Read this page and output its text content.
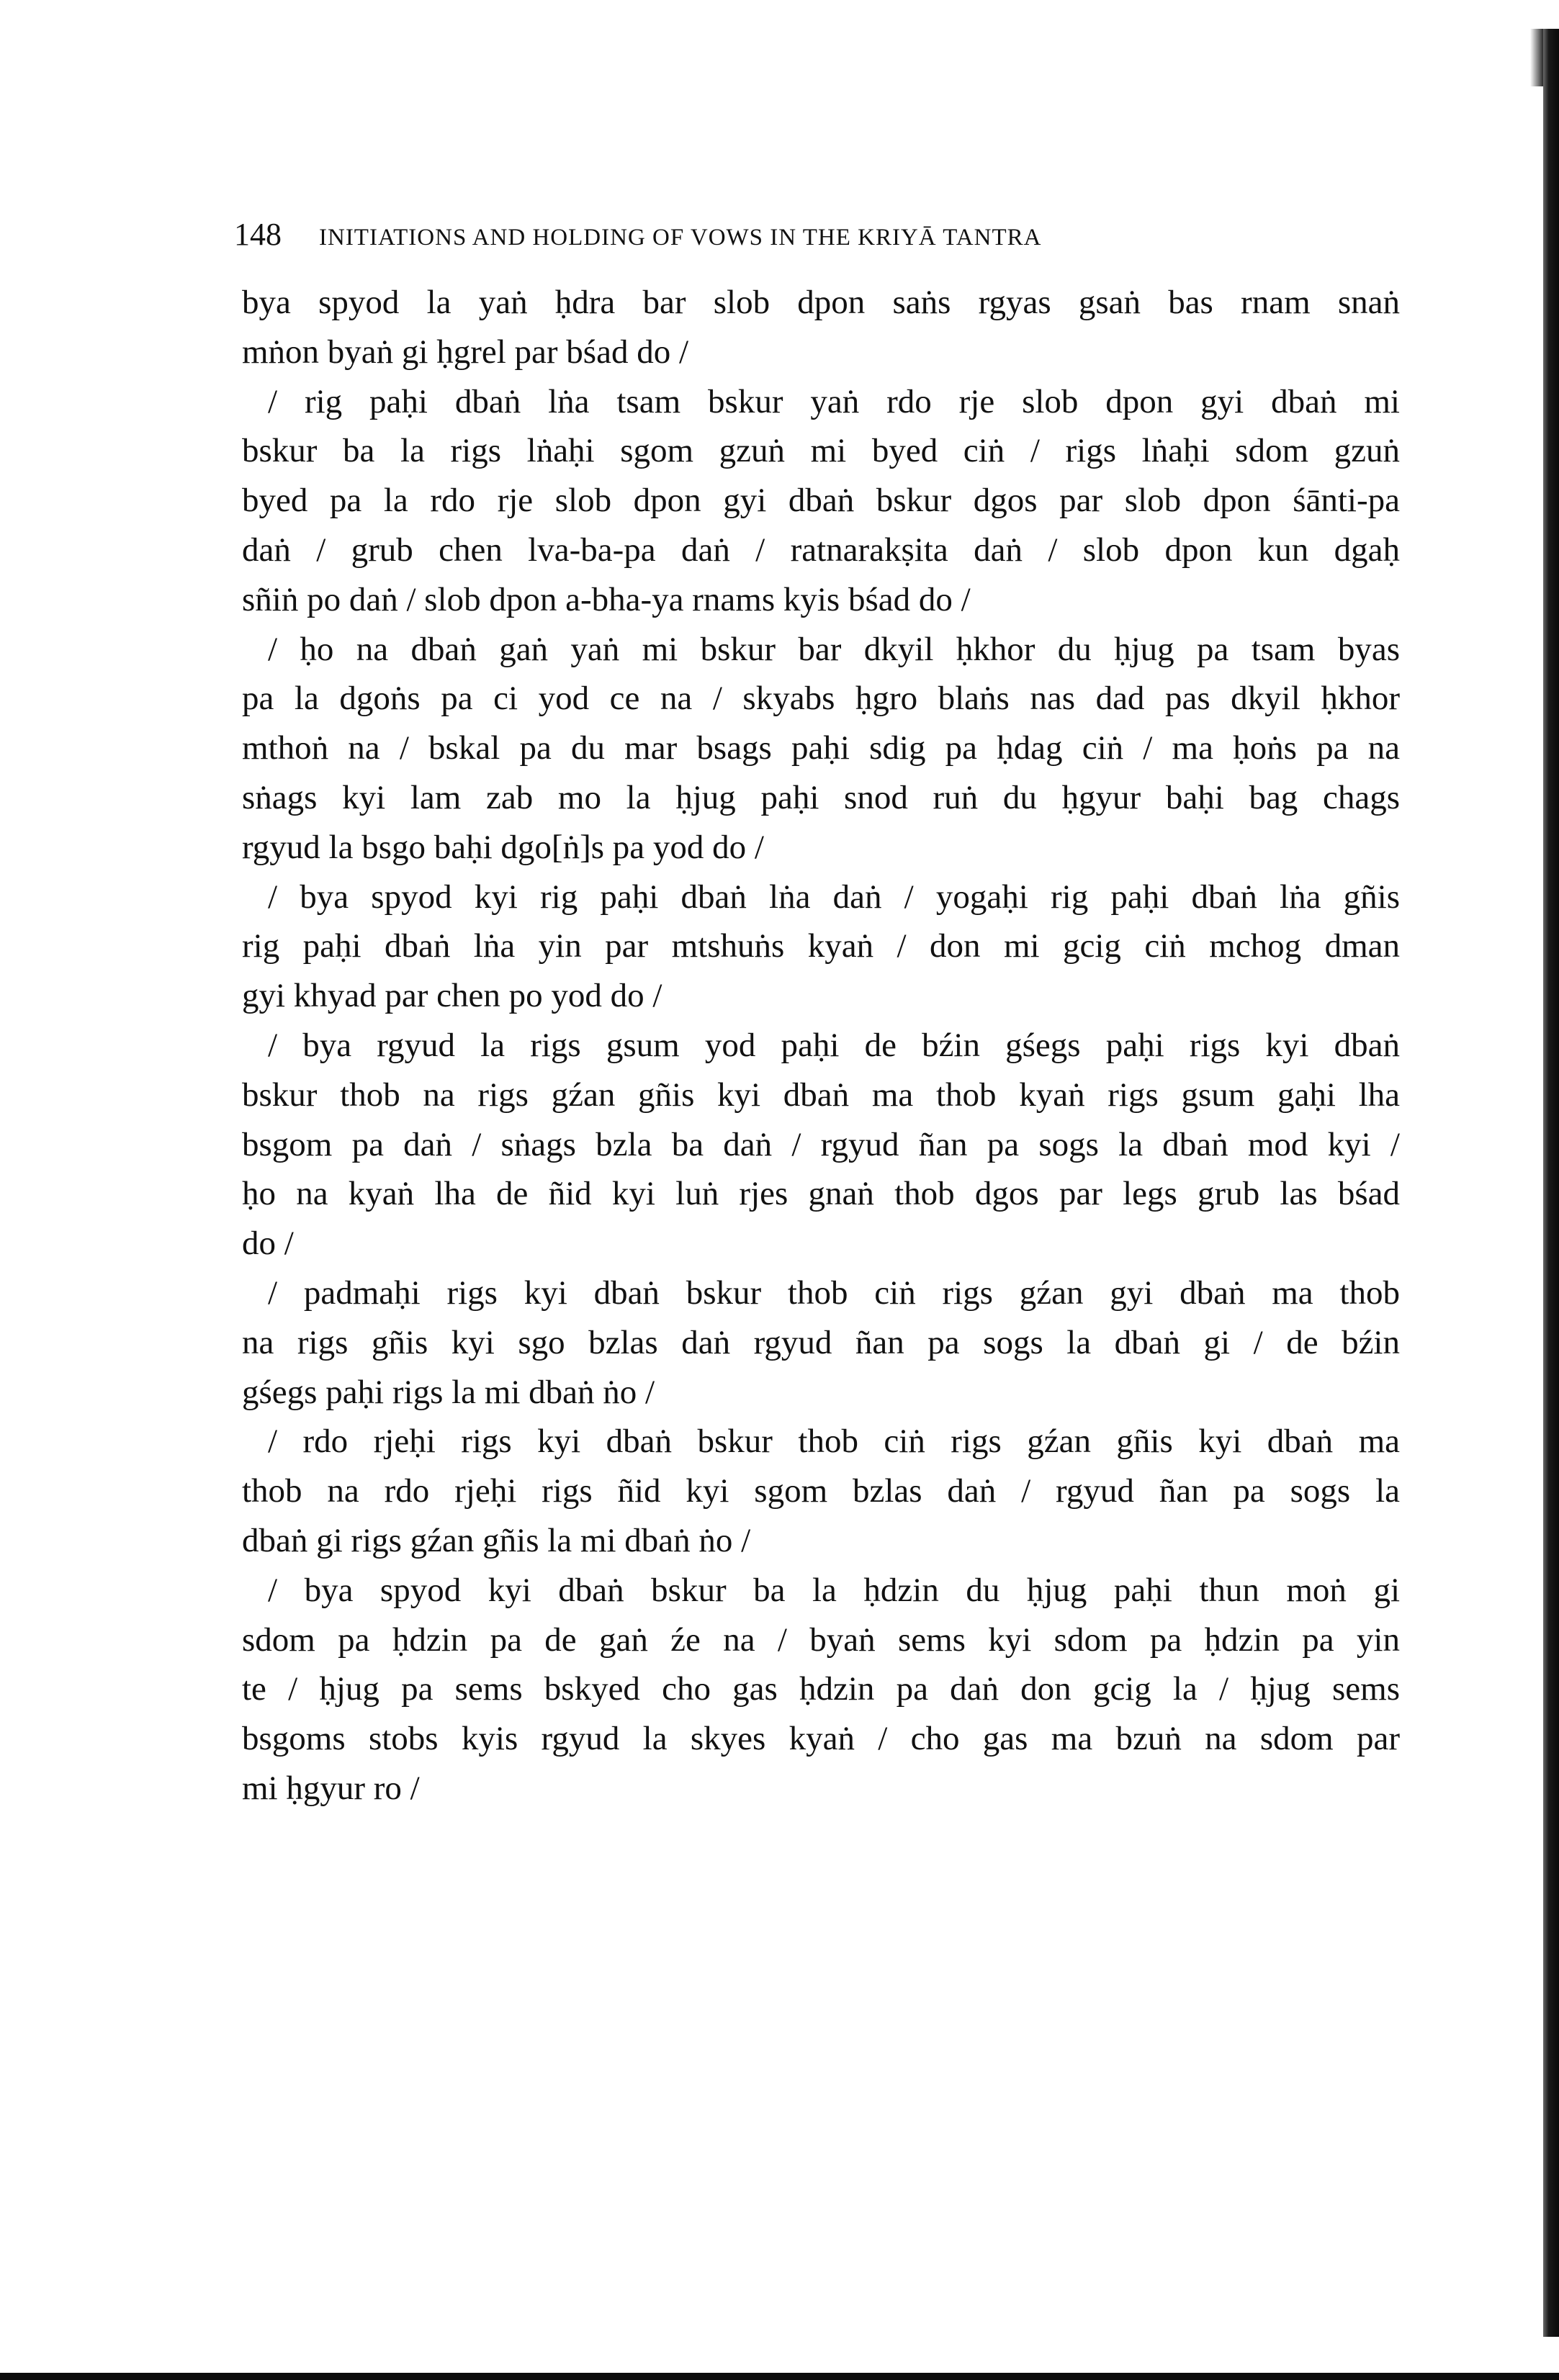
148 INITIATIONS AND HOLDING OF VOWS IN THE KRIYĀ TANTRA
bya spyod la yaṅ ḥdra bar slob dpon saṅs rgyas gsaṅ bas rnam snaṅ
mṅon byaṅ gi ḥgrel par bśad do /
/ rig paḥi dbaṅ lṅa tsam bskur yaṅ rdo rje slob dpon gyi dbaṅ mi
bskur ba la rigs lṅaḥi sgom gzuṅ mi byed ciṅ / rigs lṅaḥi sdom gzuṅ
byed pa la rdo rje slob dpon gyi dbaṅ bskur dgos par slob dpon śānti-pa
daṅ / grub chen lva-ba-pa daṅ / ratnarakṣita daṅ / slob dpon kun dgaḥ
sñiṅ po daṅ / slob dpon a-bha-ya rnams kyis bśad do /
/ ḥo na dbaṅ gaṅ yaṅ mi bskur bar dkyil ḥkhor du ḥjug pa tsam byas
pa la dgoṅs pa ci yod ce na / skyabs ḥgro blaṅs nas dad pas dkyil ḥkhor
mthoṅ na / bskal pa du mar bsags paḥi sdig pa ḥdag ciṅ / ma ḥoṅs pa na
sṅags kyi lam zab mo la ḥjug paḥi snod ruṅ du ḥgyur baḥi bag chags
rgyud la bsgo baḥi dgo[ṅ]s pa yod do /
/ bya spyod kyi rig paḥi dbaṅ lṅa daṅ / yogaḥi rig paḥi dbaṅ lṅa gñis
rig paḥi dbaṅ lṅa yin par mtshuṅs kyaṅ / don mi gcig ciṅ mchog dman
gyi khyad par chen po yod do /
/ bya rgyud la rigs gsum yod paḥi de bźin gśegs paḥi rigs kyi dbaṅ
bskur thob na rigs gźan gñis kyi dbaṅ ma thob kyaṅ rigs gsum gaḥi lha
bsgom pa daṅ / sṅags bzla ba daṅ / rgyud ñan pa sogs la dbaṅ mod kyi /
ḥo na kyaṅ lha de ñid kyi luṅ rjes gnaṅ thob dgos par legs grub las bśad
do /
/ padmaḥi rigs kyi dbaṅ bskur thob ciṅ rigs gźan gyi dbaṅ ma thob
na rigs gñis kyi sgo bzlas daṅ rgyud ñan pa sogs la dbaṅ gi / de bźin
gśegs paḥi rigs la mi dbaṅ ṅo /
/ rdo rjeḥi rigs kyi dbaṅ bskur thob ciṅ rigs gźan gñis kyi dbaṅ ma
thob na rdo rjeḥi rigs ñid kyi sgom bzlas daṅ / rgyud ñan pa sogs la
dbaṅ gi rigs gźan gñis la mi dbaṅ ṅo /
/ bya spyod kyi dbaṅ bskur ba la ḥdzin du ḥjug paḥi thun moṅ gi
sdom pa ḥdzin pa de gaṅ źe na / byaṅ sems kyi sdom pa ḥdzin pa yin
te / ḥjug pa sems bskyed cho gas ḥdzin pa daṅ don gcig la / ḥjug sems
bsgoms stobs kyis rgyud la skyes kyaṅ / cho gas ma bzuṅ na sdom par
mi ḥgyur ro /
